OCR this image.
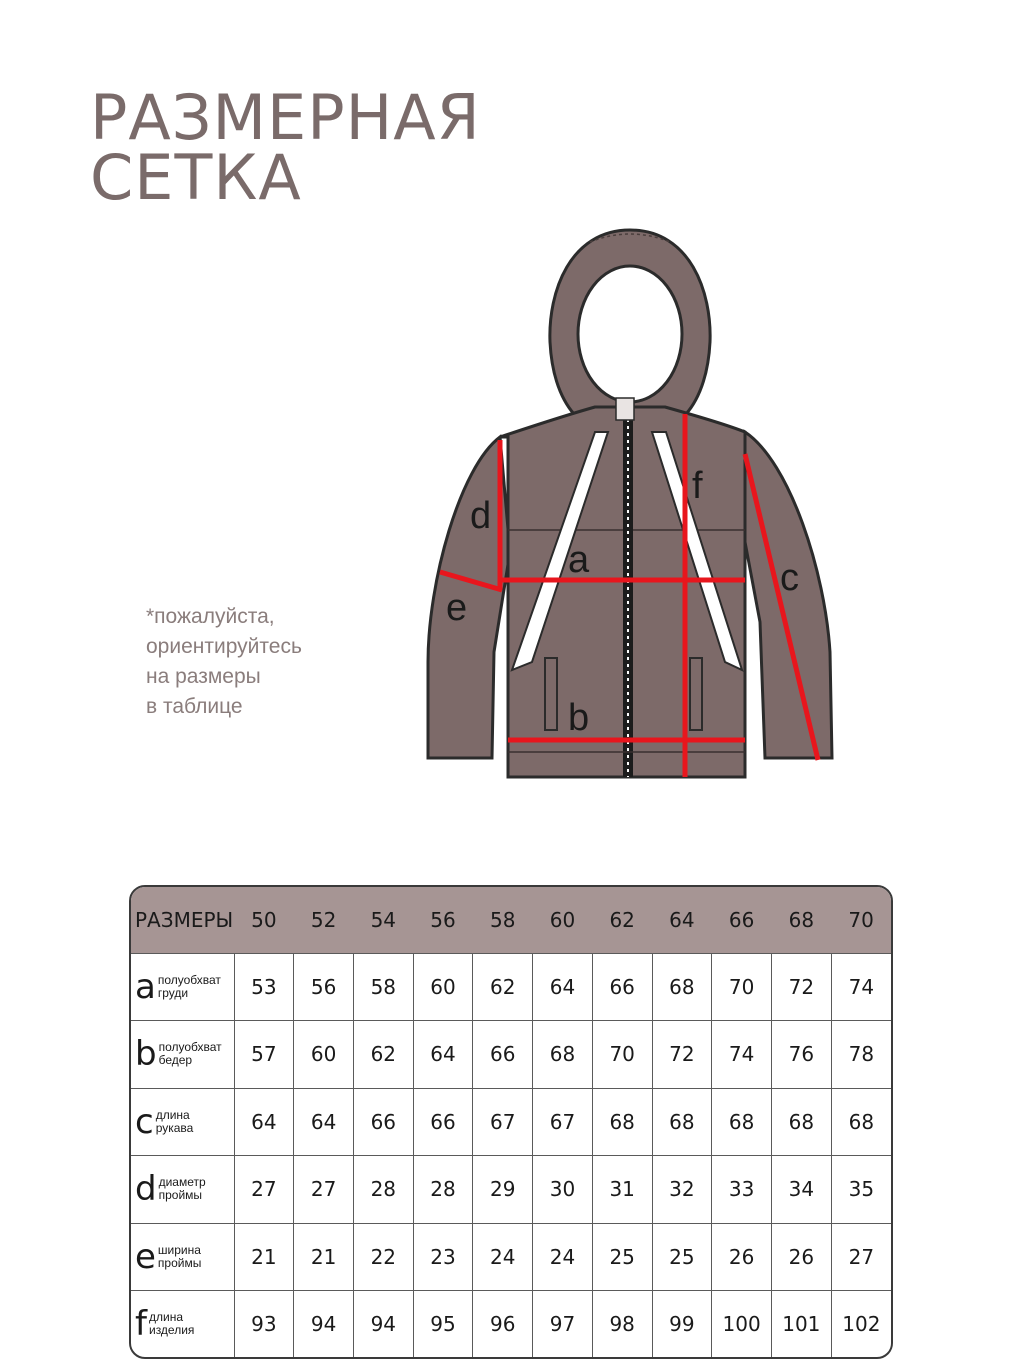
РАЗМЕРНАЯ
СЕТКА
*пожалуйста,
ориентируйтесь
на размеры
в таблице
a
b
c
d
e
f
РАЗМЕРЫ	50	52	54	56	58	60	62	64	66	68	70

a полуобхват
груди	53	56	58	60	62	64	66	68	70	72	74

b полуобхват
бедер	57	60	62	64	66	68	70	72	74	76	78

c длина
рукава	64	64	66	66	67	67	68	68	68	68	68

d диаметр
проймы	27	27	28	28	29	30	31	32	33	34	35

e ширина
проймы	21	21	22	23	24	24	25	25	26	26	27

f длина
изделия	93	94	94	95	96	97	98	99	100	101	102
